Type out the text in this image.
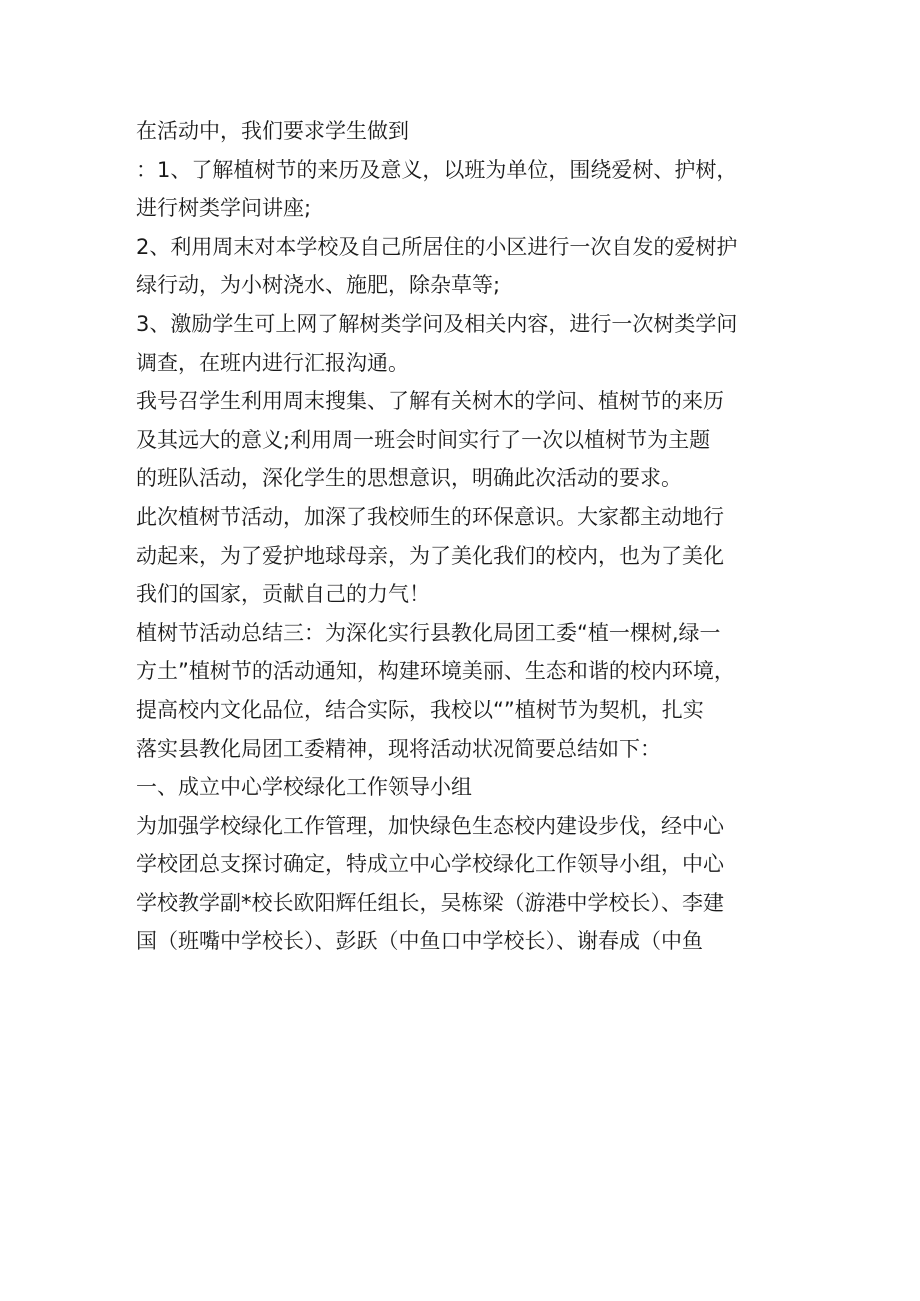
在活动中，我们要求学生做到
：1、了解植树节的来历及意义，以班为单位，围绕爱树、护树，
进行树类学问讲座;
2、利用周末对本学校及自己所居住的小区进行一次自发的爱树护
绿行动，为小树浇水、施肥，除杂草等;
3、激励学生可上网了解树类学问及相关内容，进行一次树类学问
调查，在班内进行汇报沟通。
我号召学生利用周末搜集、了解有关树木的学问、植树节的来历
及其远大的意义;利用周一班会时间实行了一次以植树节为主题
的班队活动，深化学生的思想意识，明确此次活动的要求。
此次植树节活动，加深了我校师生的环保意识。大家都主动地行
动起来，为了爱护地球母亲，为了美化我们的校内，也为了美化
我们的国家，贡献自己的力气！
植树节活动总结三：为深化实行县教化局团工委“植一棵树,绿一
方土”植树节的活动通知，构建环境美丽、生态和谐的校内环境，
提高校内文化品位，结合实际，我校以“”植树节为契机，扎实
落实县教化局团工委精神，现将活动状况简要总结如下：
一、成立中心学校绿化工作领导小组
为加强学校绿化工作管理，加快绿色生态校内建设步伐，经中心
学校团总支探讨确定，特成立中心学校绿化工作领导小组，中心
学校教学副*校长欧阳辉任组长，吴栋梁（游港中学校长）、李建
国（班嘴中学校长）、彭跃（中鱼口中学校长）、谢春成（中鱼
